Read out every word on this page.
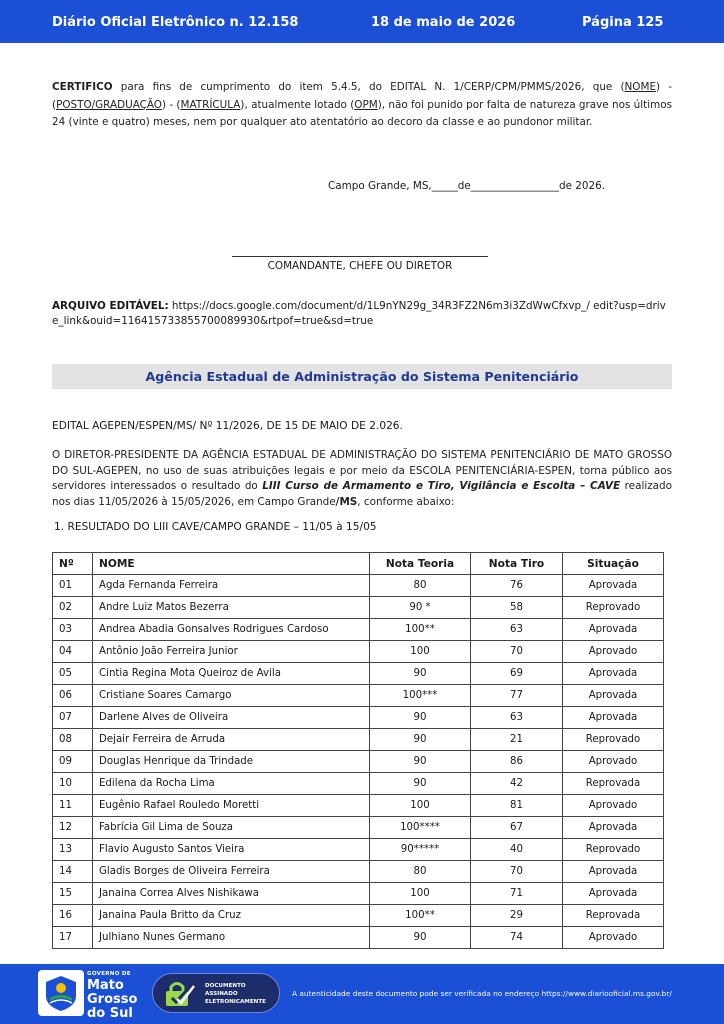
Diário Oficial Eletrônico n. 12.158	18 de maio de 2026	Página 125

CERTIFICO para fins de cumprimento do item 5.4.5, do EDITAL N. 1/CERP/CPM/PMMS/2026, que (NOME) - (POSTO/GRADUAÇÃO) - (MATRÍCULA), atualmente lotado (OPM), não foi punido por falta de natureza grave nos últimos 24 (vinte e quatro) meses, nem por qualquer ato atentatório ao decoro da classe e ao pundonor militar.

Campo Grande, MS,_____de_________________de 2026.
COMANDANTE, CHEFE OU DIRETOR
ARQUIVO EDITÁVEL: https://docs.google.com/document/d/1L9nYN29g_34R3FZ2N6m3i3ZdWwCfxvp_/ edit?usp=drive_link&ouid=116415733855700089930&rtpof=true&sd=true
Agência Estadual de Administração do Sistema Penitenciário
EDITAL AGEPEN/ESPEN/MS/ Nº 11/2026, DE 15 DE MAIO DE 2.026.

O DIRETOR-PRESIDENTE DA AGÊNCIA ESTADUAL DE ADMINISTRAÇÃO DO SISTEMA PENITENCIÁRIO DE MATO GROSSO DO SUL-AGEPEN, no uso de suas atribuições legais e por meio da ESCOLA PENITENCIÁRIA-ESPEN, torna público aos servidores interessados o resultado do LIII Curso de Armamento e Tiro, Vigilância e Escolta – CAVE realizado nos dias 11/05/2026 à 15/05/2026, em Campo Grande/MS, conforme abaixo:

1. RESULTADO DO LIII CAVE/CAMPO GRANDE – 11/05 à 15/05
Nº	NOME	Nota Teoria	Nota Tiro	Situação
01	Agda Fernanda Ferreira	80	76	Aprovada
02	Andre Luiz Matos Bezerra	90 *	58	Reprovado
03	Andrea Abadia Gonsalves Rodrigues Cardoso	100**	63	Aprovada
04	Antônio João Ferreira Junior	100	70	Aprovado
05	Cintia Regina Mota Queiroz de Avila	90	69	Aprovada
06	Cristiane Soares Camargo	100***	77	Aprovada
07	Darlene Alves de Oliveira	90	63	Aprovada
08	Dejair Ferreira de Arruda	90	21	Reprovado
09	Douglas Henrique da Trindade	90	86	Aprovado
10	Edilena da Rocha Lima	90	42	Reprovada
11	Eugênio Rafael Rouledo Moretti	100	81	Aprovado
12	Fabrícia Gil Lima de Souza	100****	67	Aprovada
13	Flavio Augusto Santos Vieira	90*****	40	Reprovado
14	Gladis Borges de Oliveira Ferreira	80	70	Aprovada
15	Janaina Correa Alves Nishikawa	100	71	Aprovada
16	Janaina Paula Britto da Cruz	100**	29	Reprovada
17	Julhiano Nunes Germano	90	74	Aprovado
GOVERNO DE
Mato
Grosso
do Sul
DOCUMENTO
ASSINADO
ELETRONICAMENTE
A autenticidade deste documento pode ser verificada no endereço https://www.diariooficial.ms.gov.br/
